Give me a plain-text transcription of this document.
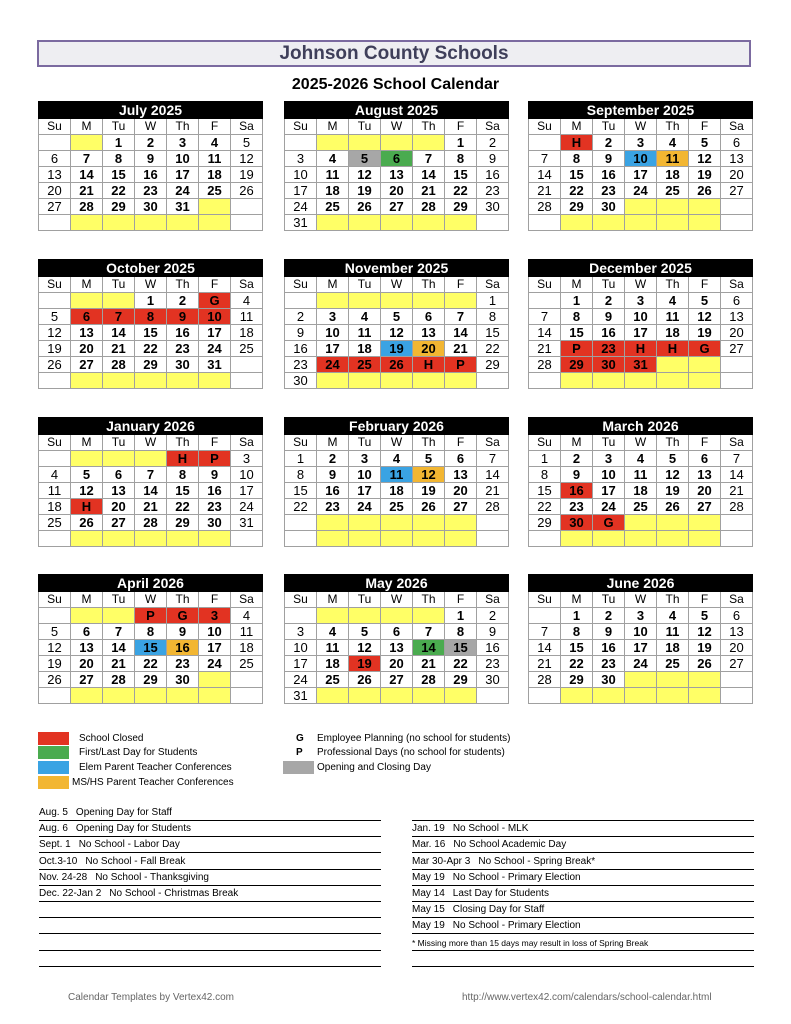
Johnson County Schools
2025-2026 School Calendar
July 2025						
Su	M	Tu	W	Th	F	Sa
		1	2	3	4	5
6	7	8	9	10	11	12
13	14	15	16	17	18	19
20	21	22	23	24	25	26
27	28	29	30	31		

August 2025						
Su	M	Tu	W	Th	F	Sa
					1	2
3	4	5	6	7	8	9
10	11	12	13	14	15	16
17	18	19	20	21	22	23
24	25	26	27	28	29	30
31						
September 2025						
Su	M	Tu	W	Th	F	Sa
	H	2	3	4	5	6
7	8	9	10	11	12	13
14	15	16	17	18	19	20
21	22	23	24	25	26	27
28	29	30				

October 2025						
Su	M	Tu	W	Th	F	Sa
			1	2	G	4
5	6	7	8	9	10	11
12	13	14	15	16	17	18
19	20	21	22	23	24	25
26	27	28	29	30	31	

November 2025						
Su	M	Tu	W	Th	F	Sa
						1
2	3	4	5	6	7	8
9	10	11	12	13	14	15
16	17	18	19	20	21	22
23	24	25	26	H	P	29
30						
December 2025						
Su	M	Tu	W	Th	F	Sa
	1	2	3	4	5	6
7	8	9	10	11	12	13
14	15	16	17	18	19	20
21	P	23	H	H	G	27
28	29	30	31			

January 2026						
Su	M	Tu	W	Th	F	Sa
				H	P	3
4	5	6	7	8	9	10
11	12	13	14	15	16	17
18	H	20	21	22	23	24
25	26	27	28	29	30	31

February 2026						
Su	M	Tu	W	Th	F	Sa
1	2	3	4	5	6	7
8	9	10	11	12	13	14
15	16	17	18	19	20	21
22	23	24	25	26	27	28

March 2026						
Su	M	Tu	W	Th	F	Sa
1	2	3	4	5	6	7
8	9	10	11	12	13	14
15	16	17	18	19	20	21
22	23	24	25	26	27	28
29	30	G				

April 2026						
Su	M	Tu	W	Th	F	Sa
			P	G	3	4
5	6	7	8	9	10	11
12	13	14	15	16	17	18
19	20	21	22	23	24	25
26	27	28	29	30		

May 2026						
Su	M	Tu	W	Th	F	Sa
					1	2
3	4	5	6	7	8	9
10	11	12	13	14	15	16
17	18	19	20	21	22	23
24	25	26	27	28	29	30
31						
June 2026						
Su	M	Tu	W	Th	F	Sa
	1	2	3	4	5	6
7	8	9	10	11	12	13
14	15	16	17	18	19	20
21	22	23	24	25	26	27
28	29	30				

School Closed
First/Last Day for Students
Elem Parent Teacher Conferences
MS/HS Parent Teacher Conferences
G Employee Planning (no school for students)
P Professional Days (no school for students)
Opening and Closing Day
Aug. 5 Opening Day for Staff
Aug. 6 Opening Day for Students
Sept. 1 No School - Labor Day
Oct.3-10 No School - Fall Break
Nov. 24-28 No School - Thanksgiving
Dec. 22-Jan 2 No School - Christmas Break
Jan. 19 No School - MLK
Mar. 16 No School Academic Day
Mar 30-Apr 3 No School - Spring Break*
May 19 No School - Primary Election
May 14 Last Day for Students
May 15 Closing Day for Staff
May 19 No School - Primary Election
* Missing more than 15 days may result in loss of Spring Break
Calendar Templates by Vertex42.com	http://www.vertex42.com/calendars/school-calendar.html
